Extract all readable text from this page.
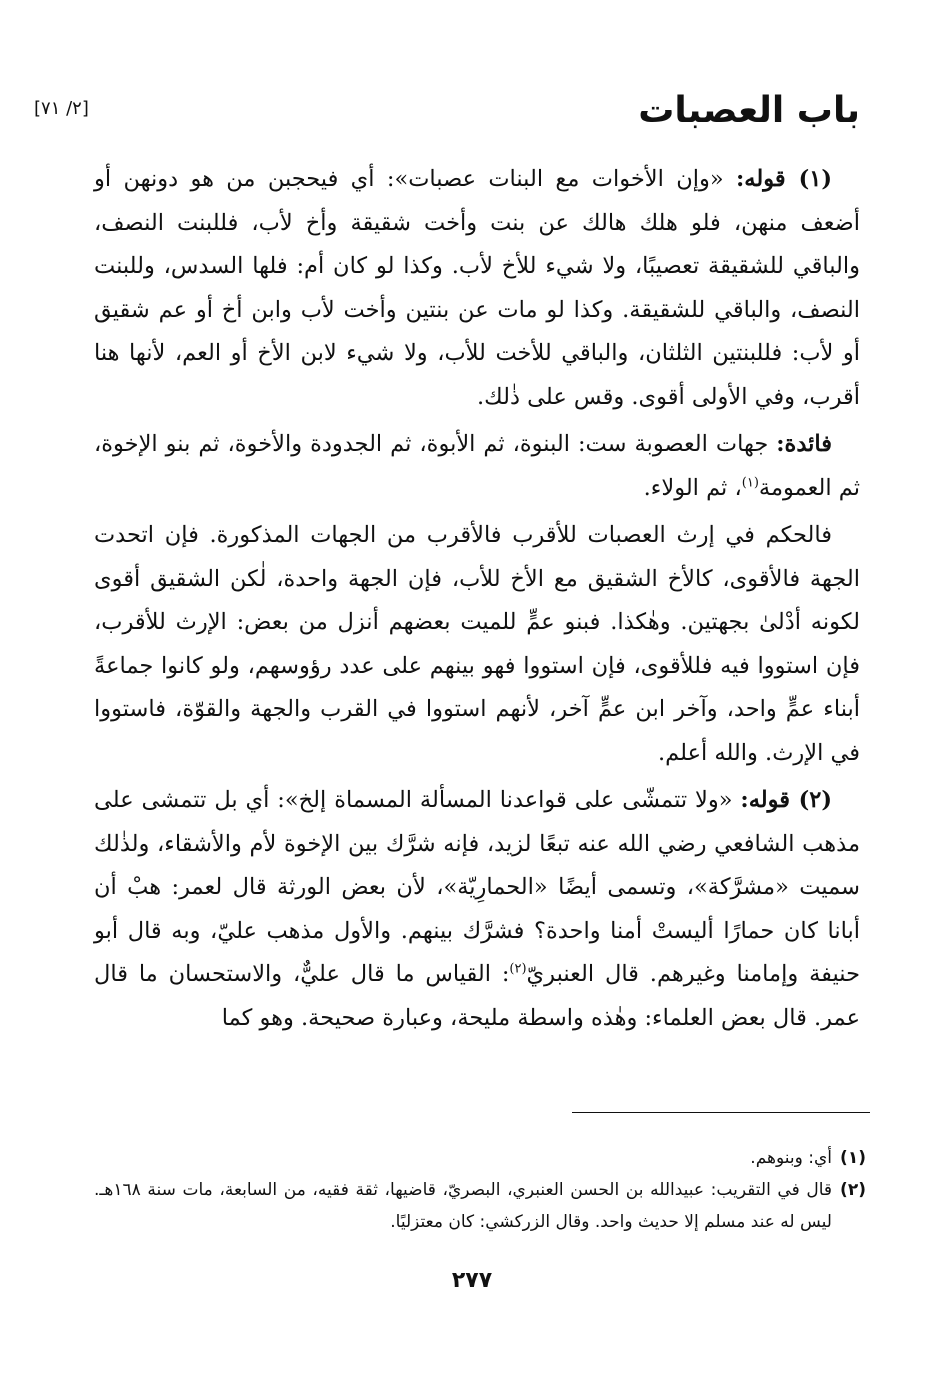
باب العصبات
[٢/ ٧١]

(١) قوله: «وإن الأخوات مع البنات عصبات»: أي فيحجبن من هو دونهن أو أضعف منهن، فلو هلك هالك عن بنت وأخت شقيقة وأخ لأب، فللبنت النصف، والباقي للشقيقة تعصيبًا، ولا شيء للأخ لأب. وكذا لو كان أم: فلها السدس، وللبنت النصف، والباقي للشقيقة. وكذا لو مات عن بنتين وأخت لأب وابن أخ أو عم شقيق أو لأب: فللبنتين الثلثان، والباقي للأخت للأب، ولا شيء لابن الأخ أو العم، لأنها هنا أقرب، وفي الأولى أقوى. وقس على ذٰلك.

فائدة: جهات العصوبة ست: البنوة، ثم الأبوة، ثم الجدودة والأخوة، ثم بنو الإخوة، ثم العمومة$^{(١)}$، ثم الولاء.

فالحكم في إرث العصبات للأقرب فالأقرب من الجهات المذكورة. فإن اتحدت الجهة فالأقوى، كالأخ الشقيق مع الأخ للأب، فإن الجهة واحدة، لٰكن الشقيق أقوى لكونه أدْلىٰ بجهتين. وهٰكذا. فبنو عمٍّ للميت بعضهم أنزل من بعض: الإرث للأقرب، فإن استووا فيه فللأقوى، فإن استووا فهو بينهم على عدد رؤوسهم، ولو كانوا جماعةً أبناء عمٍّ واحد، وآخر ابن عمٍّ آخر، لأنهم استووا في القرب والجهة والقوّة، فاستووا في الإرث. والله أعلم.

(٢) قوله: «ولا تتمشّى على قواعدنا المسألة المسماة إلخ»: أي بل تتمشى على مذهب الشافعي رضي الله عنه تبعًا لزيد، فإنه شرَّك بين الإخوة لأم والأشقاء، ولذٰلك سميت «مشرَّكة»، وتسمى أيضًا «الحمارِيّة»، لأن بعض الورثة قال لعمر: هبْ أن أبانا كان حمارًا أليستْ أمنا واحدة؟ فشرَّك بينهم. والأول مذهب عليّ، وبه قال أبو حنيفة وإمامنا وغيرهم. قال العنبريّ$^{(٢)}$: القياس ما قال عليٌّ، والاستحسان ما قال عمر. قال بعض العلماء: وهٰذه واسطة مليحة، وعبارة صحيحة. وهو كما

(١)
أي: وبنوهم.
(٢)
قال في التقريب: عبيدالله بن الحسن العنبري، البصريّ، قاضيها، ثقة فقيه، من السابعة، مات سنة ١٦٨هـ. ليس له عند مسلم إلا حديث واحد. وقال الزركشي: كان معتزليًا.
٢٧٧
